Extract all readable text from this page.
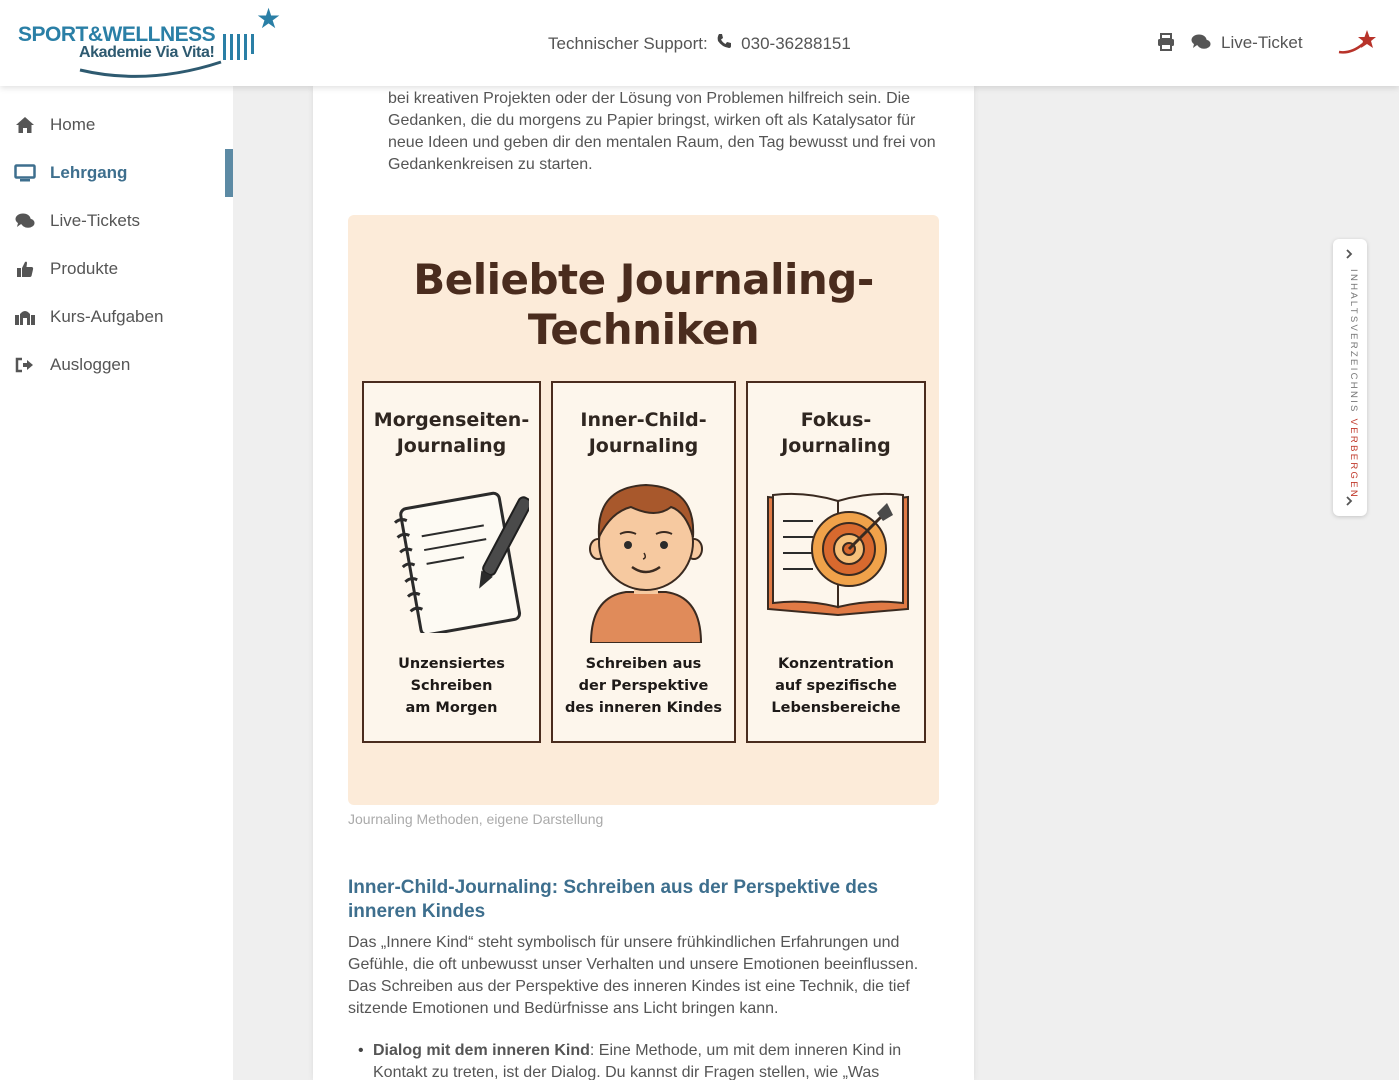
SPORT&WELLNESS
Akademie Via Vita!
★
Technischer Support: 030-36288151	Live-Ticket
Home
Lehrgang
Live-Tickets
Produkte
Kurs-Aufgaben
Ausloggen

bei kreativen Projekten oder der Lösung von Problemen hilfreich sein. Die Gedanken, die du morgens zu Papier bringst, wirken oft als Katalysator für neue Ideen und geben dir den mentalen Raum, den Tag bewusst und frei von Gedankenkreisen zu starten.

Beliebte Journaling-
Techniken
Morgenseiten-
Journaling
Unzensiertes
Schreiben
am Morgen
Inner-Child-
Journaling
Schreiben aus
der Perspektive
des inneren Kindes
Fokus-
Journaling
Konzentration
auf spezifische
Lebensbereiche
Journaling Methoden, eigene Darstellung
Inner-Child-Journaling: Schreiben aus der Perspektive des inneren Kindes

Das „Innere Kind“ steht symbolisch für unsere frühkindlichen Erfahrungen und Gefühle, die oft unbewusst unser Verhalten und unsere Emotionen beeinflussen. Das Schreiben aus der Perspektive des inneren Kindes ist eine Technik, die tief sitzende Emotionen und Bedürfnisse ans Licht bringen kann.

• Dialog mit dem inneren Kind: Eine Methode, um mit dem inneren Kind in Kontakt zu treten, ist der Dialog. Du kannst dir Fragen stellen, wie „Was
INHALTSVERZEICHNIS VERBERGEN
